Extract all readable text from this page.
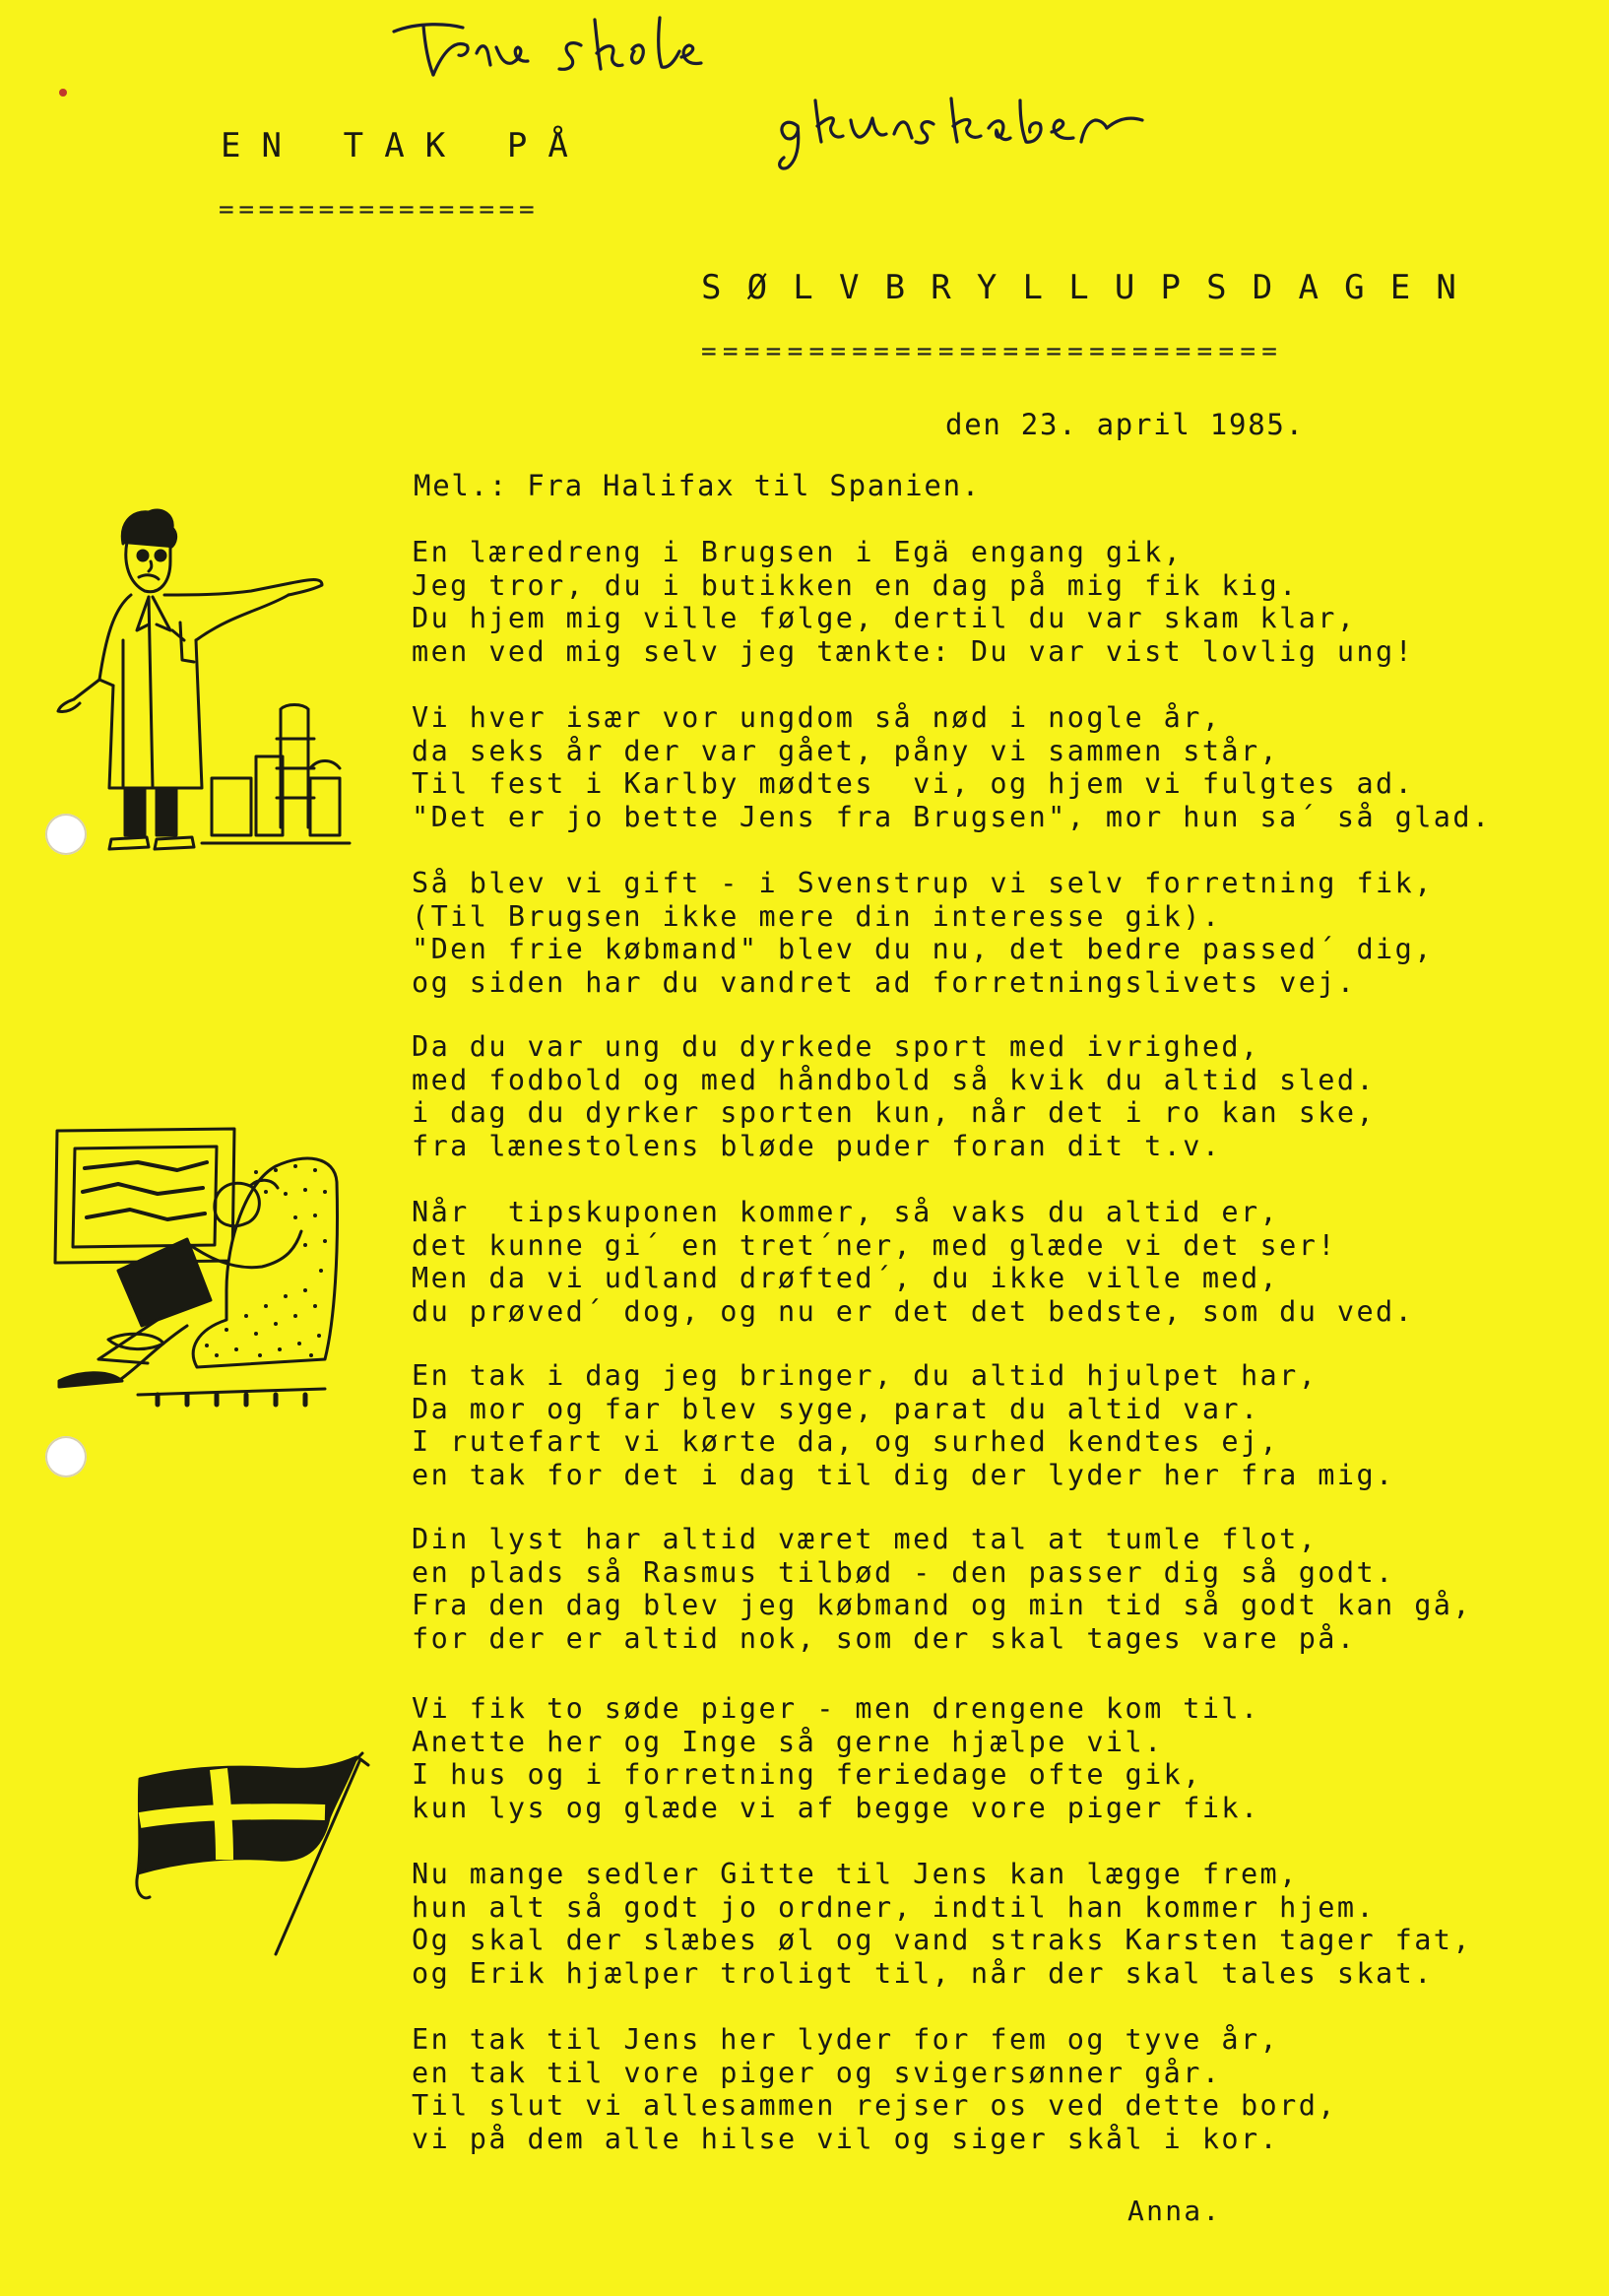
EN TAK PÅ
================
SØLVBRYLLUPSDAGEN
===========================
den 23. april 1985.
Mel.: Fra Halifax til Spanien.
En læredreng i Brugsen i Egä engang gik,
Jeg tror, du i butikken en dag på mig fik kig.
Du hjem mig ville følge, dertil du var skam klar,
men ved mig selv jeg tænkte: Du var vist lovlig ung!
Vi hver især vor ungdom så nød i nogle år,
da seks år der var gået, påny vi sammen står,
Til fest i Karlby mødtes  vi, og hjem vi fulgtes ad.
"Det er jo bette Jens fra Brugsen", mor hun sa´ så glad.
Så blev vi gift - i Svenstrup vi selv forretning fik,
(Til Brugsen ikke mere din interesse gik).
"Den frie købmand" blev du nu, det bedre passed´ dig,
og siden har du vandret ad forretningslivets vej.
Da du var ung du dyrkede sport med ivrighed,
med fodbold og med håndbold så kvik du altid sled.
i dag du dyrker sporten kun, når det i ro kan ske,
fra lænestolens bløde puder foran dit t.v.
Når  tipskuponen kommer, så vaks du altid er,
det kunne gi´ en tret´ner, med glæde vi det ser!
Men da vi udland drøfted´, du ikke ville med,
du prøved´ dog, og nu er det det bedste, som du ved.
En tak i dag jeg bringer, du altid hjulpet har,
Da mor og far blev syge, parat du altid var.
I rutefart vi kørte da, og surhed kendtes ej,
en tak for det i dag til dig der lyder her fra mig.
Din lyst har altid været med tal at tumle flot,
en plads så Rasmus tilbød - den passer dig så godt.
Fra den dag blev jeg købmand og min tid så godt kan gå,
for der er altid nok, som der skal tages vare på.
Vi fik to søde piger - men drengene kom til.
Anette her og Inge så gerne hjælpe vil.
I hus og i forretning feriedage ofte gik,
kun lys og glæde vi af begge vore piger fik.
Nu mange sedler Gitte til Jens kan lægge frem,
hun alt så godt jo ordner, indtil han kommer hjem.
Og skal der slæbes øl og vand straks Karsten tager fat,
og Erik hjælper troligt til, når der skal tales skat.
En tak til Jens her lyder for fem og tyve år,
en tak til vore piger og svigersønner går.
Til slut vi allesammen rejser os ved dette bord,
vi på dem alle hilse vil og siger skål i kor.
Anna.
